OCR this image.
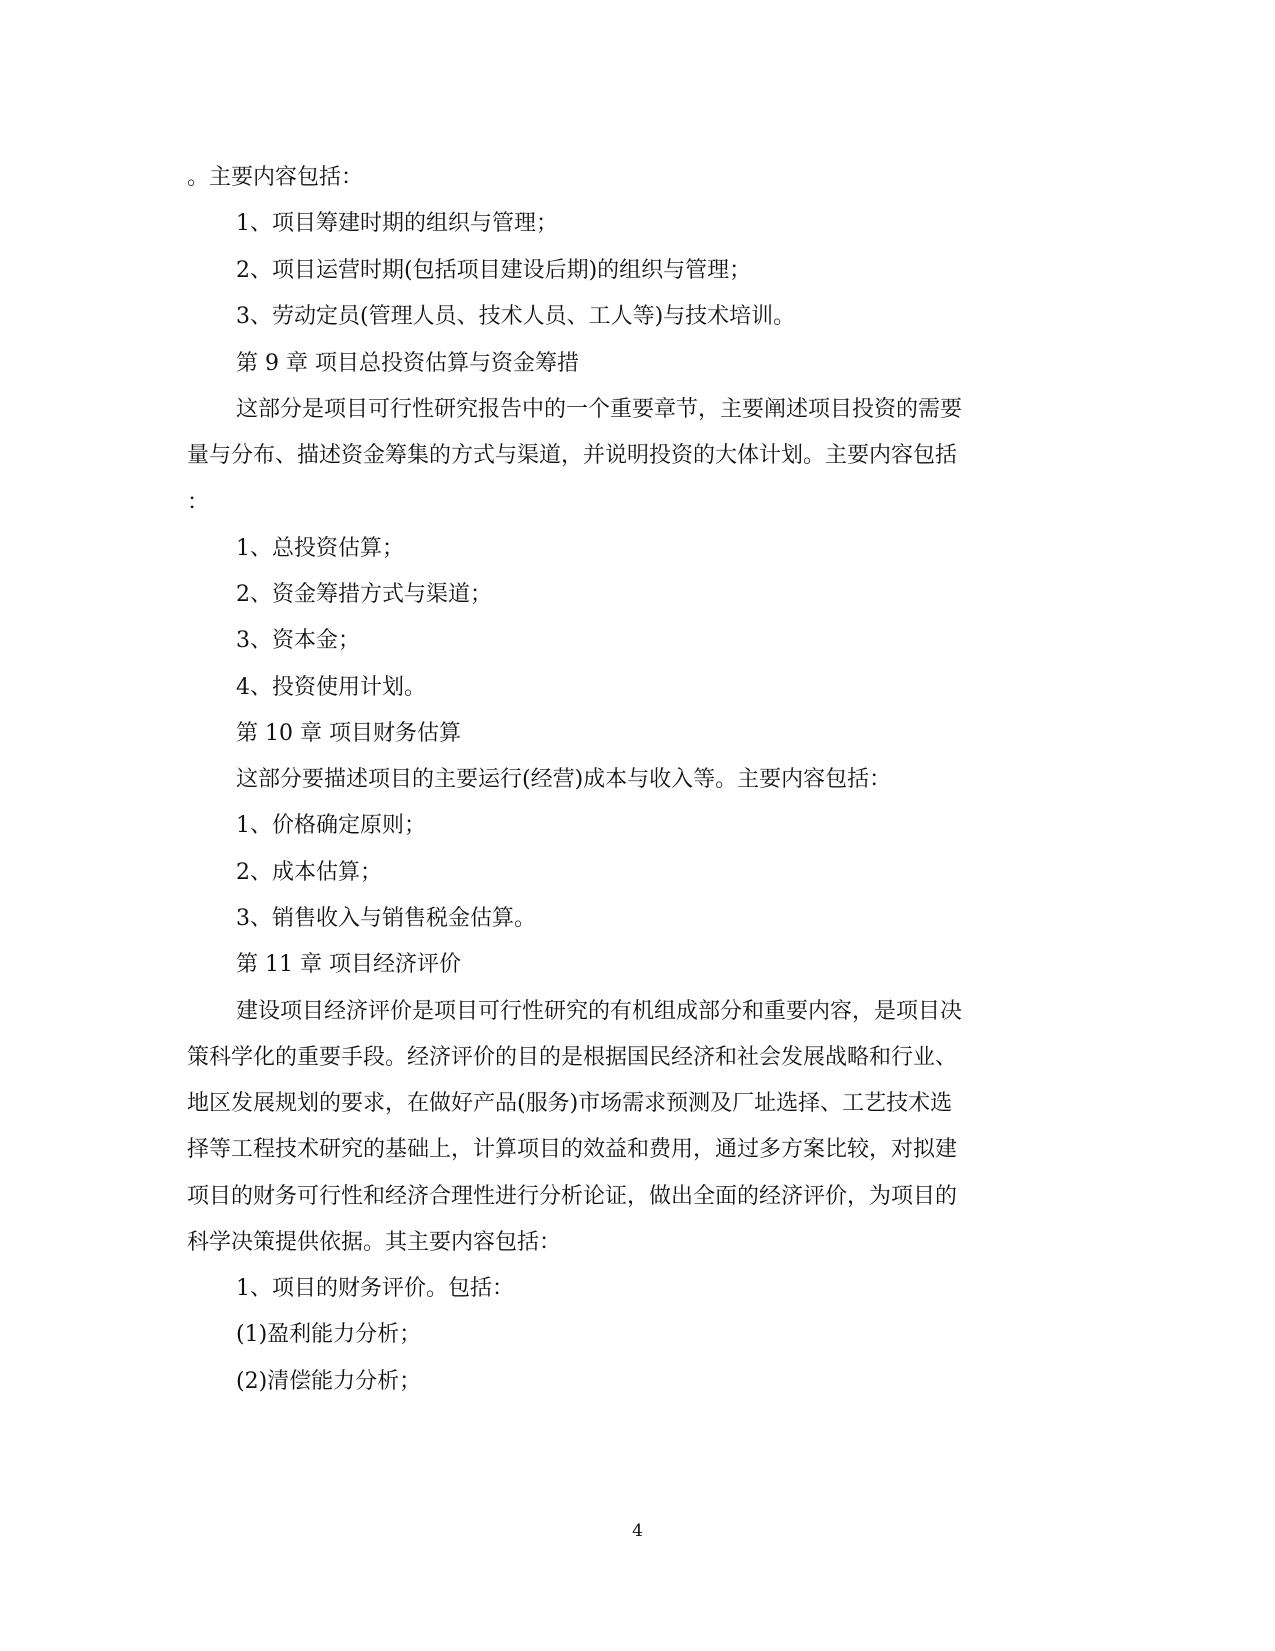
。主要内容包括：
1、项目筹建时期的组织与管理；
2、项目运营时期(包括项目建设后期)的组织与管理；
3、劳动定员(管理人员、技术人员、工人等)与技术培训。
第 9 章 项目总投资估算与资金筹措
这部分是项目可行性研究报告中的一个重要章节，主要阐述项目投资的需要
量与分布、描述资金筹集的方式与渠道，并说明投资的大体计划。主要内容包括
：
1、总投资估算；
2、资金筹措方式与渠道；
3、资本金；
4、投资使用计划。
第 10 章 项目财务估算
这部分要描述项目的主要运行(经营)成本与收入等。主要内容包括：
1、价格确定原则；
2、成本估算；
3、销售收入与销售税金估算。
第 11 章 项目经济评价
建设项目经济评价是项目可行性研究的有机组成部分和重要内容，是项目决
策科学化的重要手段。经济评价的目的是根据国民经济和社会发展战略和行业、
地区发展规划的要求，在做好产品(服务)市场需求预测及厂址选择、工艺技术选
择等工程技术研究的基础上，计算项目的效益和费用，通过多方案比较，对拟建
项目的财务可行性和经济合理性进行分析论证，做出全面的经济评价，为项目的
科学决策提供依据。其主要内容包括：
1、项目的财务评价。包括：
(1)盈利能力分析；
(2)清偿能力分析；
4
